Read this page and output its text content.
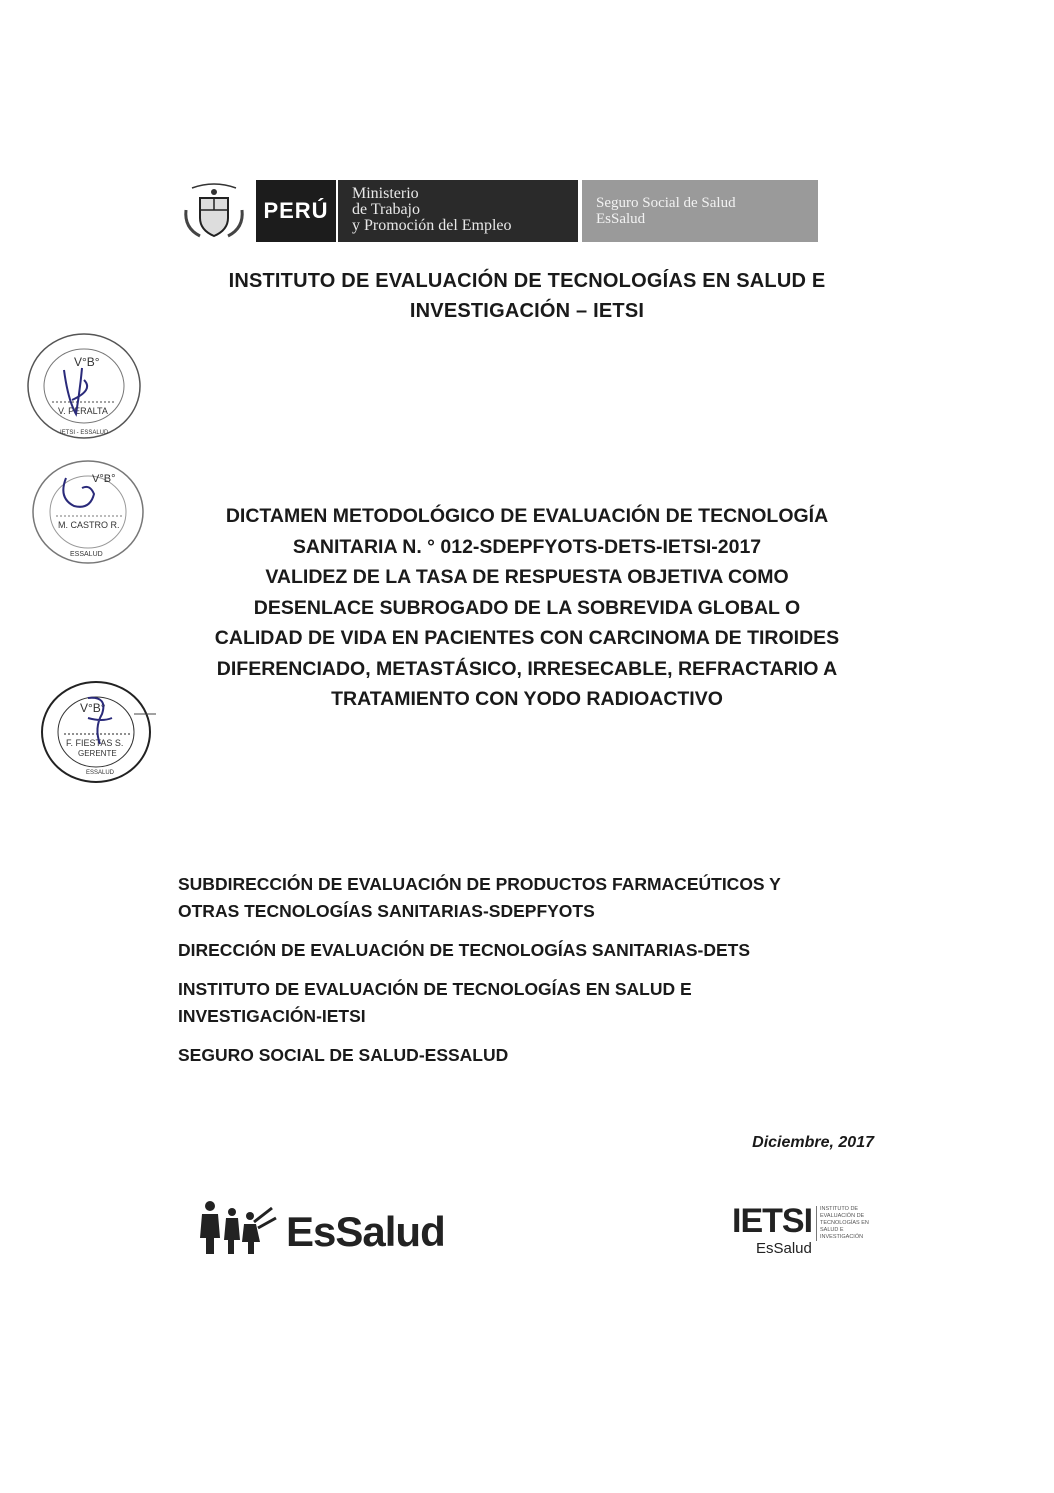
PERÚ
Ministerio
de Trabajo
y Promoción del Empleo
Seguro Social de Salud
EsSalud
INSTITUTO DE EVALUACIÓN DE TECNOLOGÍAS EN SALUD E
INVESTIGACIÓN – IETSI
V°B°
V. PERALTA
IETSI - ESSALUD
V°B°
M. CASTRO R.
ESSALUD
V°B°
F. FIESTAS S.
GERENTE
ESSALUD
DICTAMEN METODOLÓGICO DE EVALUACIÓN DE TECNOLOGÍA
SANITARIA N. ° 012-SDEPFYOTS-DETS-IETSI-2017
VALIDEZ DE LA TASA DE RESPUESTA OBJETIVA COMO
DESENLACE SUBROGADO DE LA SOBREVIDA GLOBAL O
CALIDAD DE VIDA EN PACIENTES CON CARCINOMA DE TIROIDES
DIFERENCIADO, METASTÁSICO, IRRESECABLE, REFRACTARIO A
TRATAMIENTO CON YODO RADIOACTIVO
SUBDIRECCIÓN DE EVALUACIÓN DE PRODUCTOS FARMACEÚTICOS Y
OTRAS TECNOLOGÍAS SANITARIAS-SDEPFYOTS
DIRECCIÓN DE EVALUACIÓN DE TECNOLOGÍAS SANITARIAS-DETS
INSTITUTO DE EVALUACIÓN DE TECNOLOGÍAS EN SALUD E
INVESTIGACIÓN-IETSI
SEGURO SOCIAL DE SALUD-ESSALUD
Diciembre, 2017
EsSalud	IETSI
EsSalud
INSTITUTO DE
EVALUACIÓN DE
TECNOLOGÍAS EN
SALUD E
INVESTIGACIÓN
